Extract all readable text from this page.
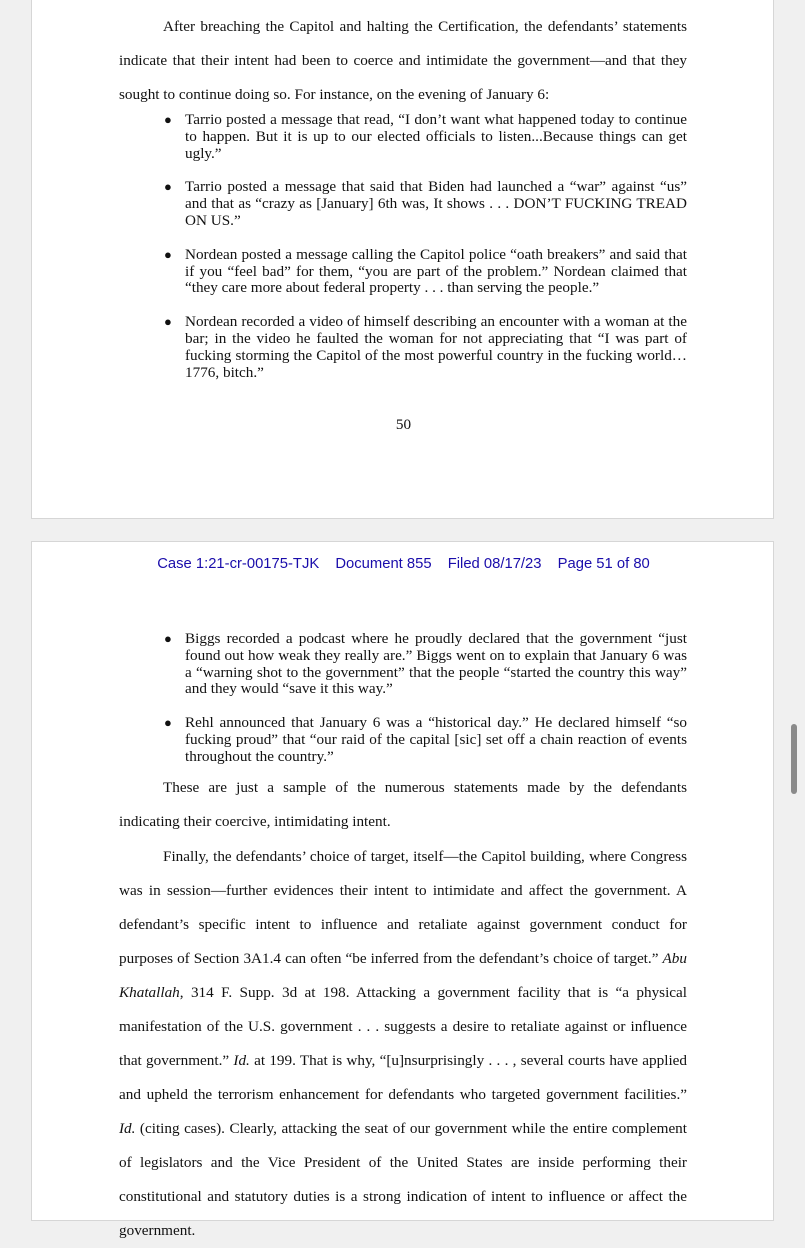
After breaching the Capitol and halting the Certification, the defendants’ statements indicate that their intent had been to coerce and intimidate the government—and that they sought to continue doing so. For instance, on the evening of January 6:

● Tarrio posted a message that read, “I don’t want what happened today to continue to happen. But it is up to our elected officials to listen...Because things can get ugly.”
● Tarrio posted a message that said that Biden had launched a “war” against “us” and that as “crazy as [January] 6th was, It shows . . . DON’T FUCKING TREAD ON US.”
● Nordean posted a message calling the Capitol police “oath breakers” and said that if you “feel bad” for them, “you are part of the problem.” Nordean claimed that “they care more about federal property . . . than serving the people.”
● Nordean recorded a video of himself describing an encounter with a woman at the bar; in the video he faulted the woman for not appreciating that “I was part of fucking storming the Capitol of the most powerful country in the fucking world… 1776, bitch.”
50
Case 1:21-cr-00175-TJK Document 855 Filed 08/17/23 Page 51 of 80
● Biggs recorded a podcast where he proudly declared that the government “just found out how weak they really are.” Biggs went on to explain that January 6 was a “warning shot to the government” that the people “started the country this way” and they would “save it this way.”
● Rehl announced that January 6 was a “historical day.” He declared himself “so fucking proud” that “our raid of the capital [sic] set off a chain reaction of events throughout the country.”

These are just a sample of the numerous statements made by the defendants indicating their coercive, intimidating intent.

Finally, the defendants’ choice of target, itself—the Capitol building, where Congress was in session—further evidences their intent to intimidate and affect the government. A defendant’s specific intent to influence and retaliate against government conduct for purposes of Section 3A1.4 can often “be inferred from the defendant’s choice of target.” Abu Khatallah, 314 F. Supp. 3d at 198. Attacking a government facility that is “a physical manifestation of the U.S. government . . . suggests a desire to retaliate against or influence that government.” Id. at 199. That is why, “[u]nsurprisingly . . . , several courts have applied and upheld the terrorism enhancement for defendants who targeted government facilities.” Id. (citing cases). Clearly, attacking the seat of our government while the entire complement of legislators and the Vice President of the United States are inside performing their constitutional and statutory duties is a strong indication of intent to influence or affect the government.
